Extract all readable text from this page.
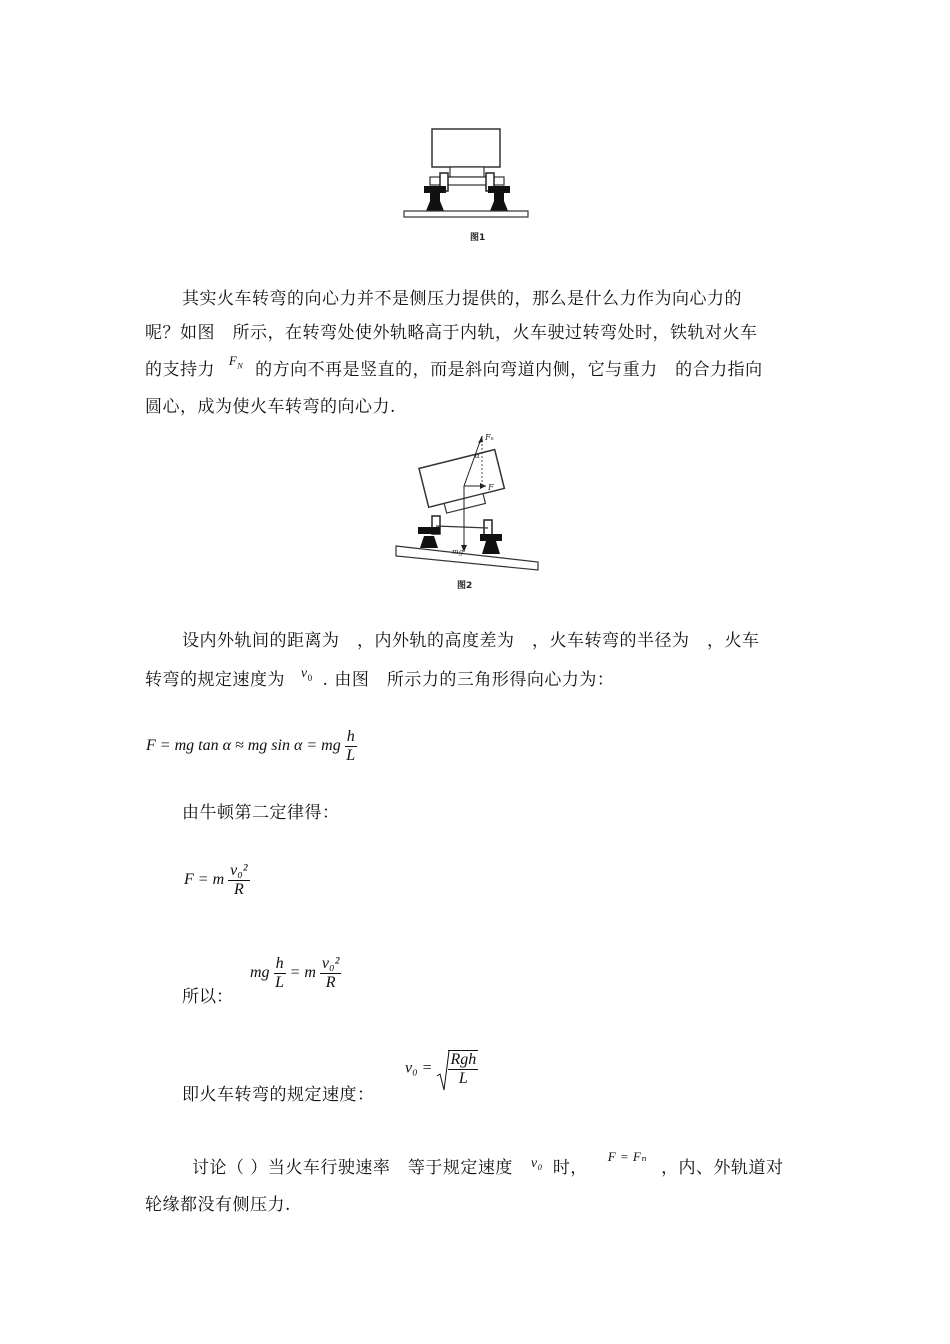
图1
其实火车转弯的向心力并不是侧压力提供的，那么是什么力作为向心力的
呢？如图　所示，在转弯处使外轨略高于内轨，火车驶过转弯处时，铁轨对火车
的支持力 $^{F_N}$ 的方向不再是竖直的，而是斜向弯道内侧，它与重力　的合力指向
圆心，成为使火车转弯的向心力.
Fₙ
α
F
mg
图2
设内外轨间的距离为　，内外轨的高度差为　，火车转弯的半径为　，火车
转弯的规定速度为 $^{v_0}$ . 由图　所示力的三角形得向心力为：
F = mg tan α ≈ mg sin α = mg $\frac{h}{L}$
由牛顿第二定律得：
F = m $\frac{\text{v₀²}}{R}$
所以：
mg $\frac{h}{L} = m \frac{\text{v₀²}}{R}$
即火车转弯的规定速度：
$v_0 = \frac{\text{Rgh}}{L}$
讨论（ ）当火车行驶速率　等于规定速度 $^{v_0}$ 时， $^{F = F_n}$ ，内、外轨道对
轮缘都没有侧压力.
